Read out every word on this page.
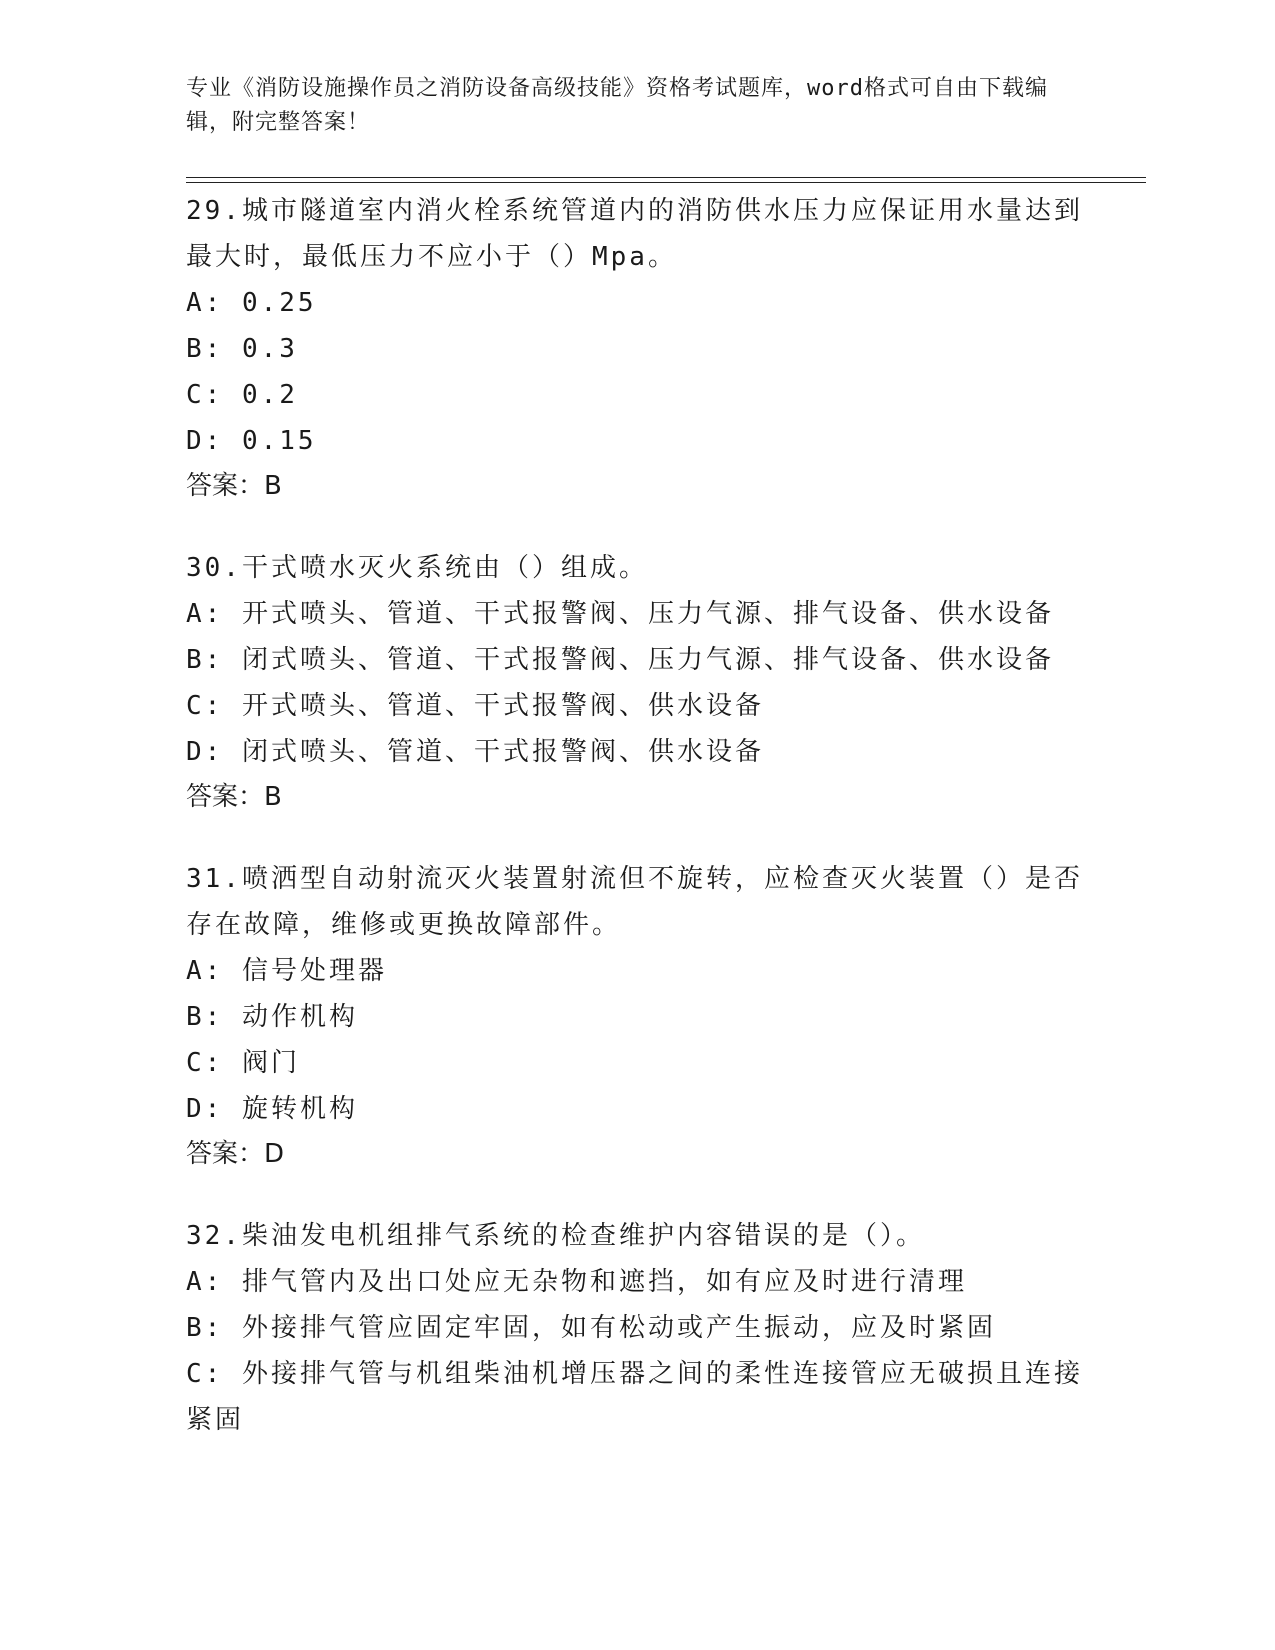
专业《消防设施操作员之消防设备高级技能》资格考试题库，word格式可自由下载编辑，附完整答案！

29.城市隧道室内消火栓系统管道内的消防供水压力应保证用水量达到最大时，最低压力不应小于（）Mpa。

A: 0.25

B: 0.3

C: 0.2

D: 0.15

答案：B

30.干式喷水灭火系统由（）组成。

A: 开式喷头、管道、干式报警阀、压力气源、排气设备、供水设备

B: 闭式喷头、管道、干式报警阀、压力气源、排气设备、供水设备

C: 开式喷头、管道、干式报警阀、供水设备

D: 闭式喷头、管道、干式报警阀、供水设备

答案：B

31.喷洒型自动射流灭火装置射流但不旋转，应检查灭火装置（）是否存在故障，维修或更换故障部件。

A: 信号处理器

B: 动作机构

C: 阀门

D: 旋转机构

答案：D

32.柴油发电机组排气系统的检查维护内容错误的是（）。

A: 排气管内及出口处应无杂物和遮挡，如有应及时进行清理

B: 外接排气管应固定牢固，如有松动或产生振动，应及时紧固

C: 外接排气管与机组柴油机增压器之间的柔性连接管应无破损且连接紧固
